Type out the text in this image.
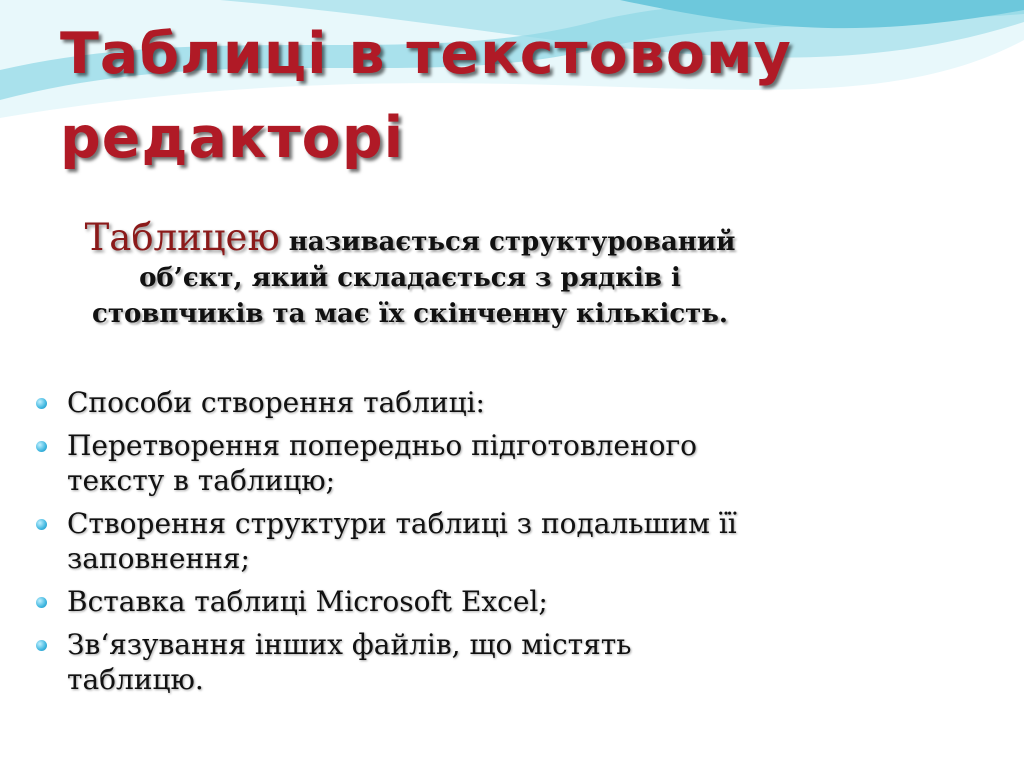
Таблиці в текстовому редакторі
Таблицею називається структурований об’єкт, який складається з рядків і стовпчиків та має їх скінченну кількість.
Способи створення таблиці:
Перетворення попередньо підготовленого тексту в таблицю;
Створення структури таблиці з подальшим її заповнення;
Вставка таблиці Microsoft Excel;
Зв‘язування інших файлів, що містять таблицю.
